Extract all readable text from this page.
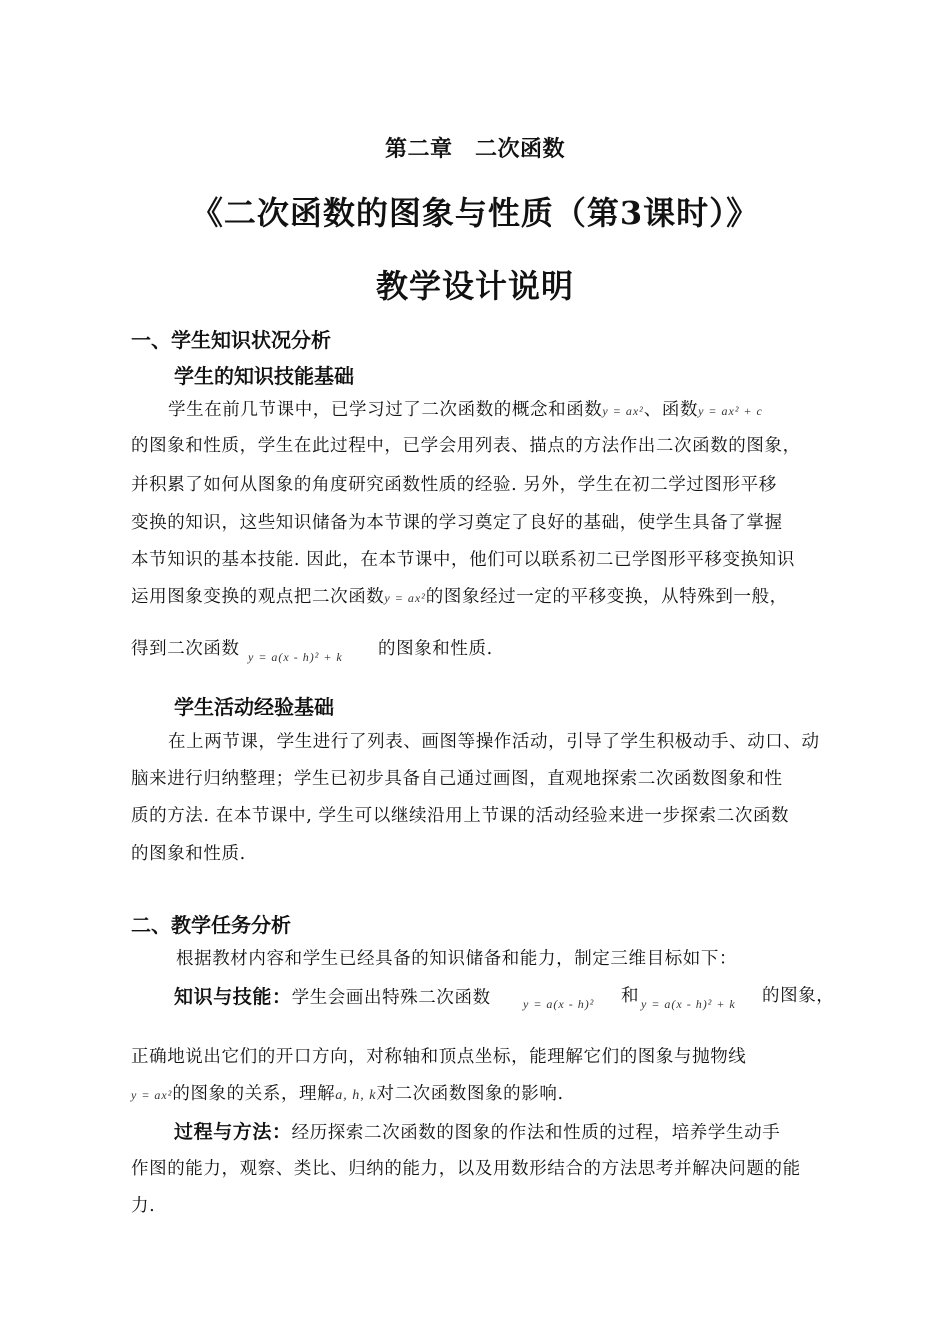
第二章　二次函数
《二次函数的图象与性质（第3课时）》
教学设计说明
一、学生知识状况分析
学生的知识技能基础
学生在前几节课中，已学习过了二次函数的概念和函数y = ax²、函数y = ax² + c
的图象和性质，学生在此过程中，已学会用列表、描点的方法作出二次函数的图象，
并积累了如何从图象的角度研究函数性质的经验. 另外，学生在初二学过图形平移
变换的知识，这些知识储备为本节课的学习奠定了良好的基础，使学生具备了掌握
本节知识的基本技能. 因此，在本节课中，他们可以联系初二已学图形平移变换知识
运用图象变换的观点把二次函数y = ax²的图象经过一定的平移变换，从特殊到一般，
得到二次函数 y = a(x - h)² + k 的图象和性质.
学生活动经验基础
在上两节课，学生进行了列表、画图等操作活动，引导了学生积极动手、动口、动
脑来进行归纳整理；学生已初步具备自己通过画图，直观地探索二次函数图象和性
质的方法. 在本节课中, 学生可以继续沿用上节课的活动经验来进一步探索二次函数
的图象和性质.
二、教学任务分析
根据教材内容和学生已经具备的知识储备和能力，制定三维目标如下：
知识与技能：学生会画出特殊二次函数	y = a(x - h)² 和 y = a(x - h)² + k 的图象，
正确地说出它们的开口方向，对称轴和顶点坐标，能理解它们的图象与抛物线
y = ax²的图象的关系，理解a, h, k对二次函数图象的影响.
过程与方法：经历探索二次函数的图象的作法和性质的过程，培养学生动手
作图的能力，观察、类比、归纳的能力，以及用数形结合的方法思考并解决问题的能
力.
